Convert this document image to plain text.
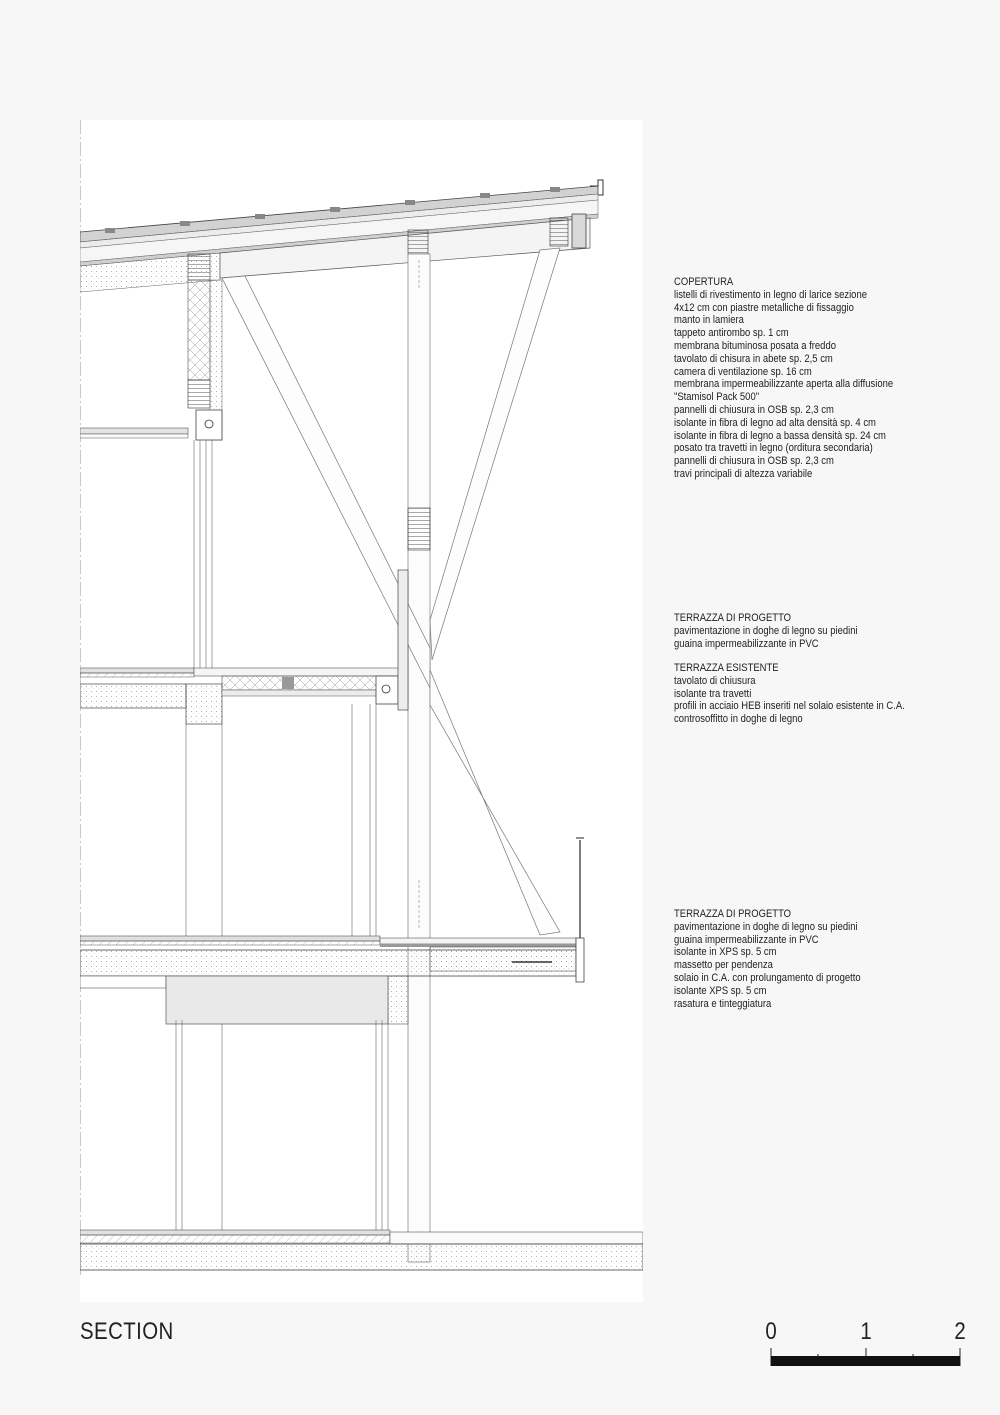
COPERTURA
listelli di rivestimento in legno di larice sezione
4x12 cm con piastre metalliche di fissaggio
manto in lamiera
tappeto antirombo sp. 1 cm
membrana bituminosa posata a freddo
tavolato di chisura in abete sp. 2,5 cm
camera di ventilazione sp. 16 cm
membrana impermeabilizzante aperta alla diffusione
"Stamisol Pack 500"
pannelli di chiusura in OSB sp. 2,3 cm
isolante in fibra di legno ad alta densità sp. 4 cm
isolante in fibra di legno a bassa densità sp. 24 cm
posato tra travetti in legno (orditura secondaria)
pannelli di chiusura in OSB sp. 2,3 cm
travi principali di altezza variabile
TERRAZZA DI PROGETTO
pavimentazione in doghe di legno su piedini
guaina impermeabilizzante in PVC
TERRAZZA ESISTENTE
tavolato di chiusura
isolante tra travetti
profili in acciaio HEB inseriti nel solaio esistente in C.A.
controsoffitto in doghe di legno
TERRAZZA DI PROGETTO
pavimentazione in doghe di legno su piedini
guaina impermeabilizzante in PVC
isolante in XPS sp. 5 cm
massetto per pendenza
solaio in C.A. con prolungamento di progetto
isolante XPS sp. 5 cm
rasatura e tinteggiatura
SECTION	0	1	2
